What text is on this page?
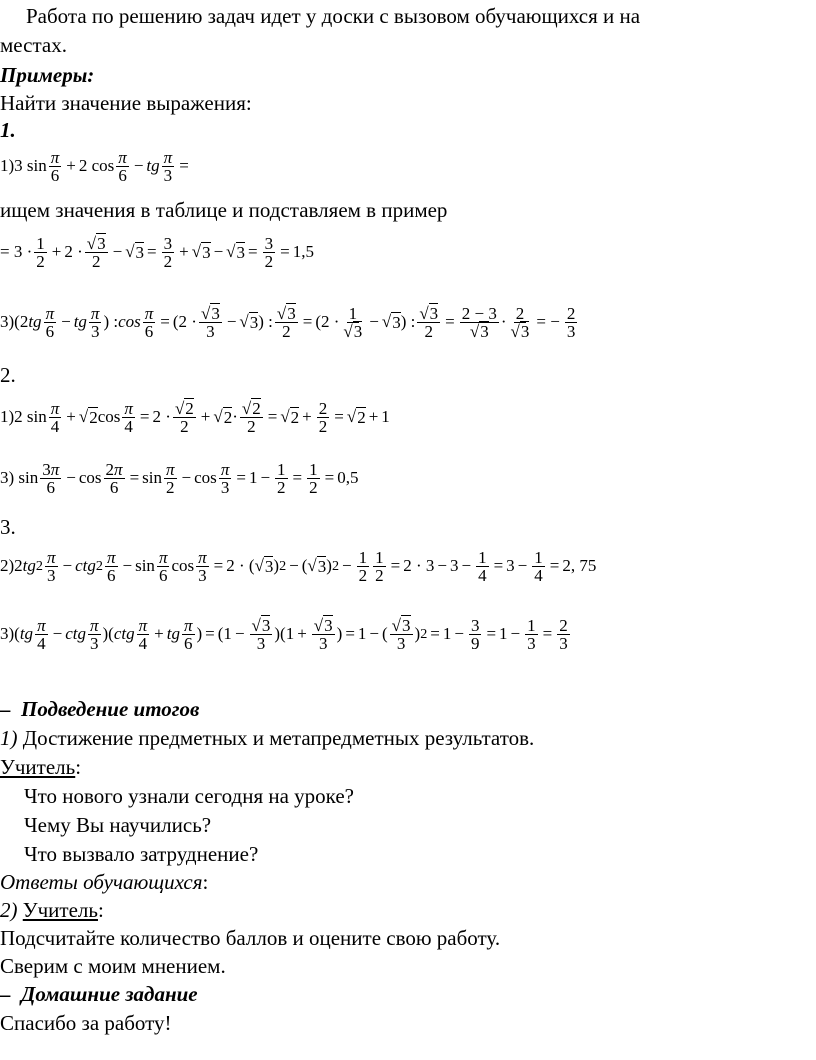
Работа по решению задач идет у доски с вызовом обучающихся и на
местах.
Примеры:
Найти значение выражения:
1.
1)3 $\sin \frac{\pi}{6} + 2$ $\cos \frac{\pi}{6}$ − tg $\frac{\pi}{3}$ =
ищем значения в таблице и подставляем в пример
= $3 \cdot \frac{1}{2} + 2 \cdot \frac{√3}{2}$ − √ $3 = \frac{3}{2}$ + √ 3 − √ $3 = \frac{3}{2} = 1,5$
3)(2 tg $\frac{\pi}{6}$ − tg $\frac{\pi}{3}$ ) : $\cos \frac{\pi}{6} = (2 \cdot \frac{√3}{3}$ − √ 3 ) : $\frac{√3}{2} = (2 \cdot \frac{1}{√3}$ − √ 3 ) : $\frac{√3}{2} = \frac{2 - 3}{√3} \cdot \frac{2}{√3}$ = − $\frac{2}{3}$
2.
1)2 $\sin \frac{\pi}{4}$ + √ 2 $\cos \frac{\pi}{4} = 2 \cdot \frac{√2}{2}$ + √ $2 \cdot \frac{√2}{2}$ = √ $2 + \frac{2}{2}$ = √ 2 + 1
3) $\sin \frac{3\pi}{6} - \cos \frac{2\pi}{6} = \sin \frac{\pi}{2} - \cos \frac{\pi}{3} = 1 - \frac{1}{2} = \frac{1}{2} = 0,5$
3.
2)2 tg $2 \frac{\pi}{3}$ − ctg $2 \frac{\pi}{6} - \sin \frac{\pi}{6}$ $\cos \frac{\pi}{3} = 2$ · (√ 3 ) 2 − (√ 3 ) $2 - \frac{1}{2} \frac{1}{2} = 2 \cdot 3 - 3 - \frac{1}{4} = 3 - \frac{1}{4} = 2$, 75
3)( tg $\frac{\pi}{4}$ − ctg $\frac{\pi}{3}$ )( ctg $\frac{\pi}{4}$ + tg $\frac{\pi}{6}$ ) = $(1 - \frac{√3}{3} )(1 + \frac{√3}{3}$ ) = 1 − ( $\frac{√3}{3}$ ) $2 = 1 - \frac{3}{9} = 1 - \frac{1}{3} = \frac{2}{3}$
– Подведение итогов
1) Достижение предметных и метапредметных результатов.
Учитель:
Что нового узнали сегодня на уроке?
Чему Вы научились?
Что вызвало затруднение?
Ответы обучающихся:
2) Учитель:
Подсчитайте количество баллов и оцените свою работу.
Сверим с моим мнением.
– Домашние задание
Спасибо за работу!
